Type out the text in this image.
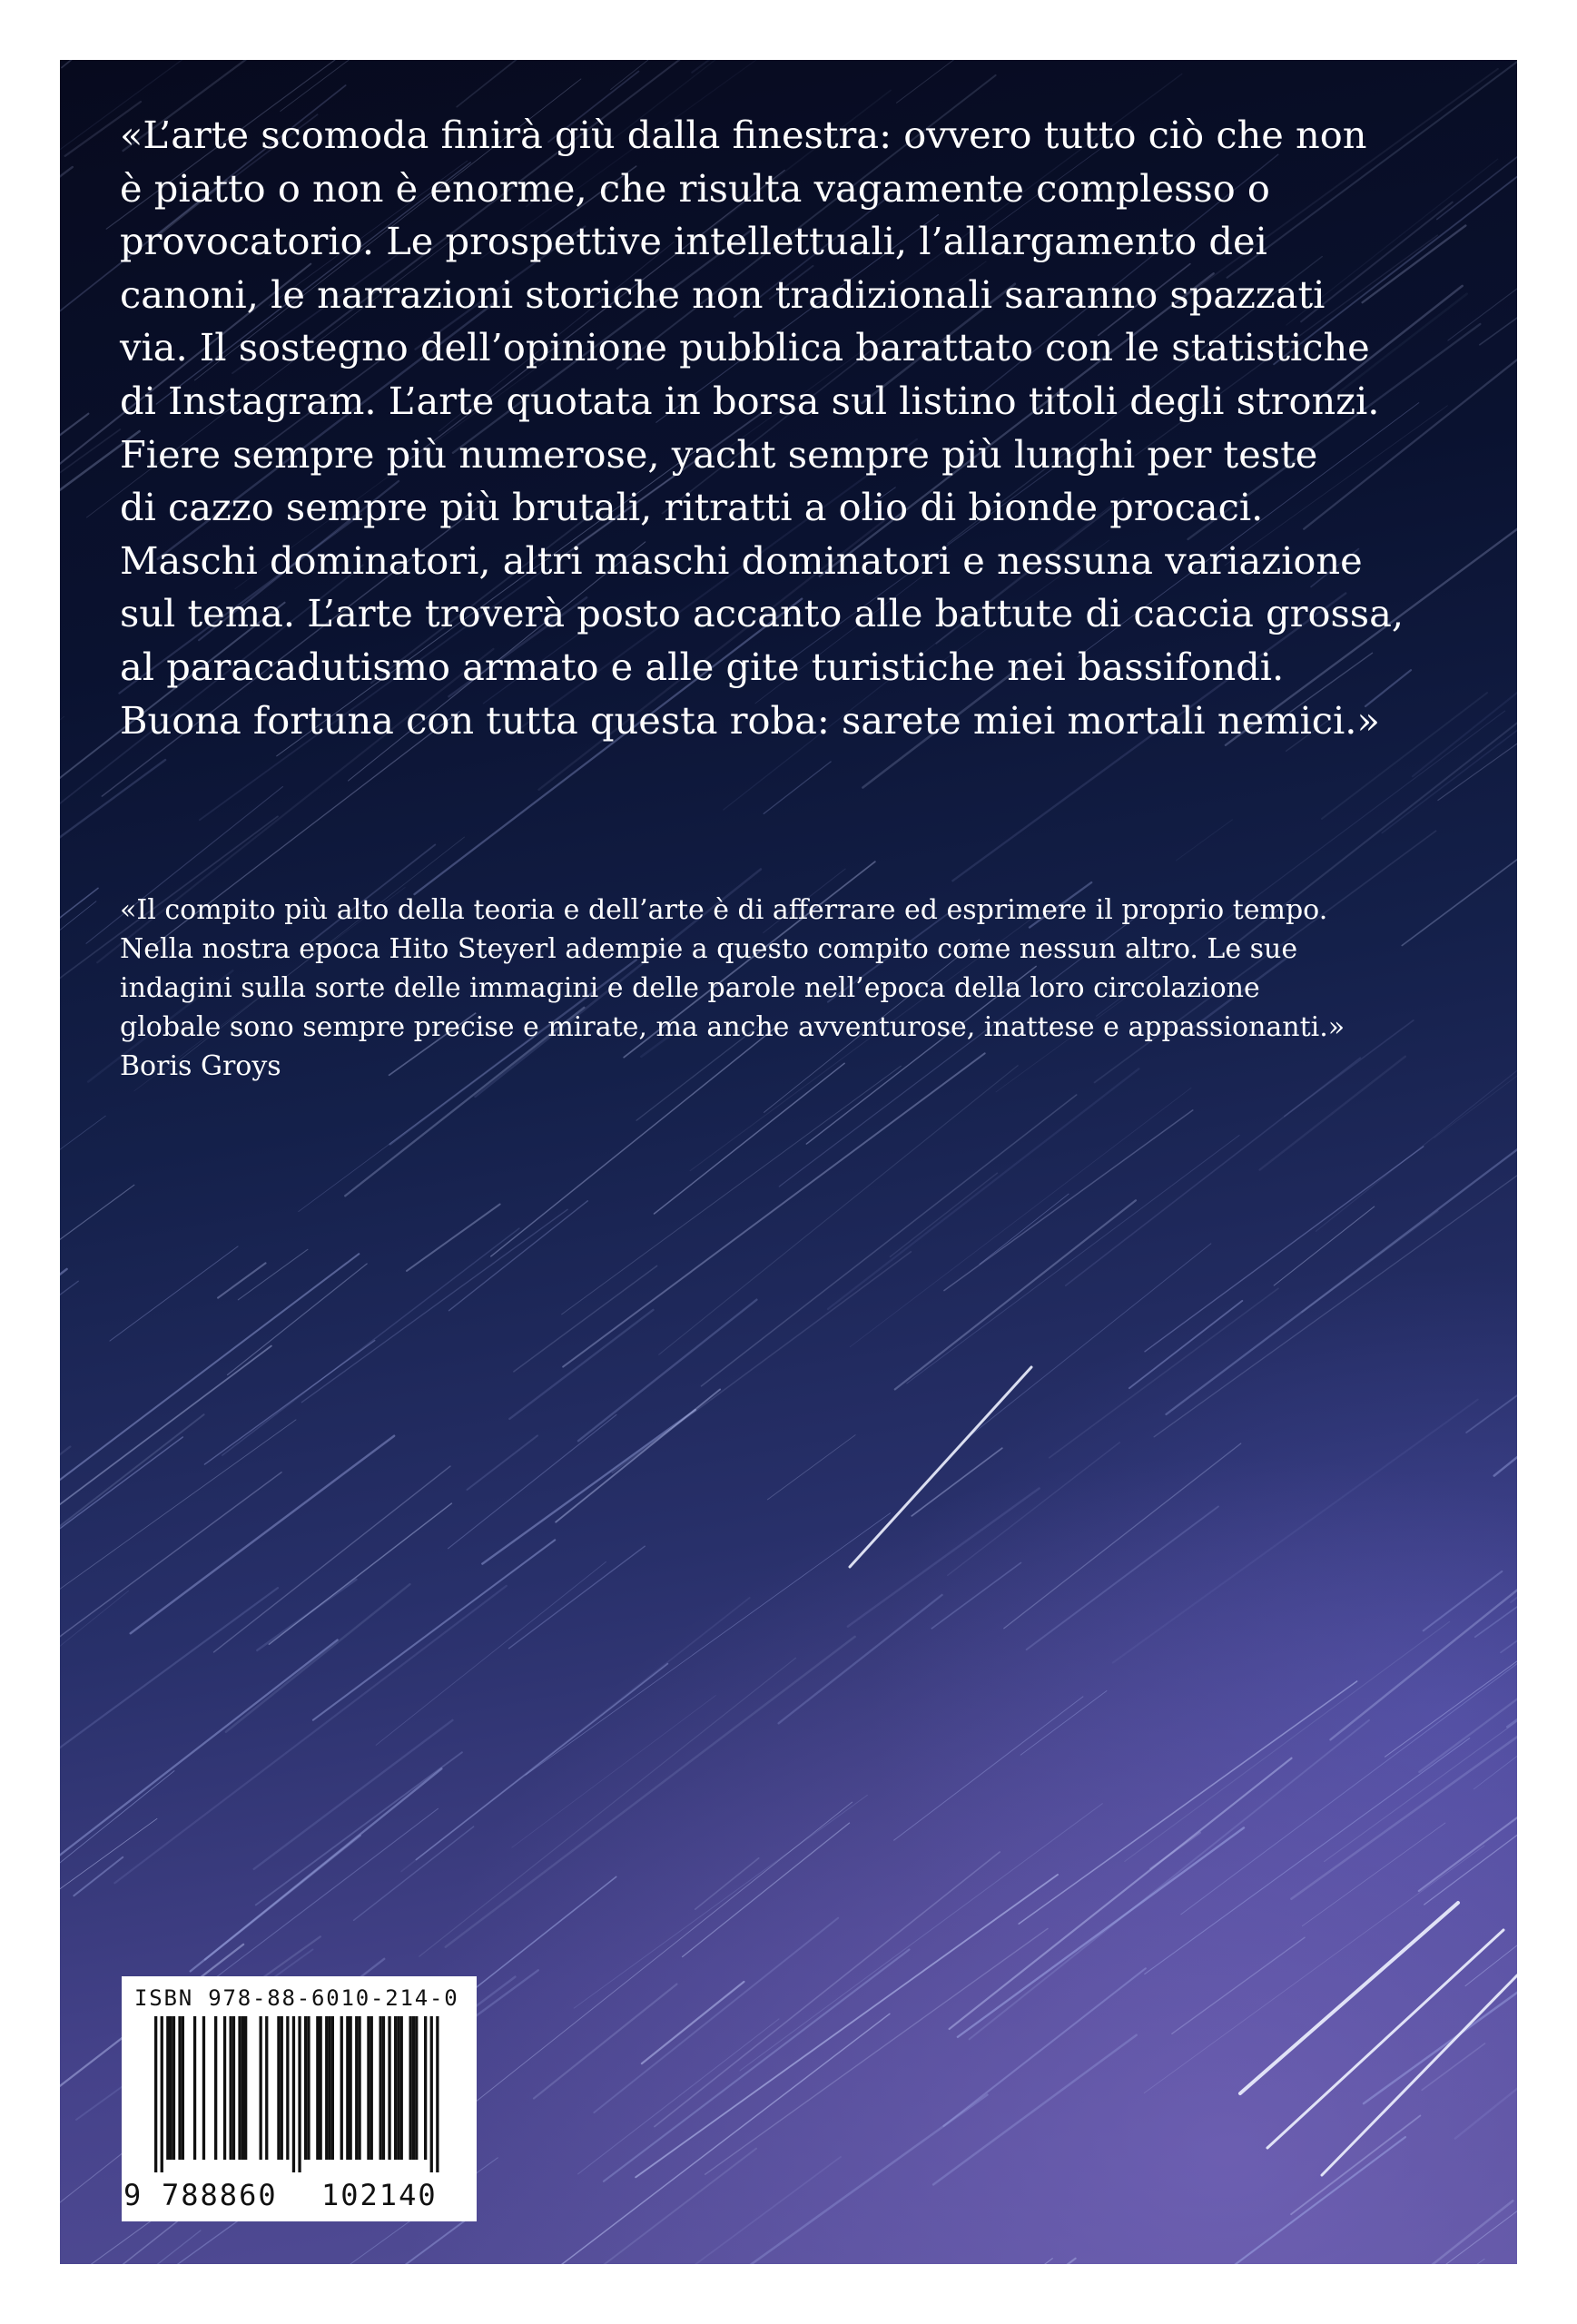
«L’arte scomoda finirà giù dalla finestra: ovvero tutto ciò che non

è piatto o non è enorme, che risulta vagamente complesso o

provocatorio. Le prospettive intellettuali, l’allargamento dei

canoni, le narrazioni storiche non tradizionali saranno spazzati

via. Il sostegno dell’opinione pubblica barattato con le statistiche

di Instagram. L’arte quotata in borsa sul listino titoli degli stronzi.

Fiere sempre più numerose, yacht sempre più lunghi per teste

di cazzo sempre più brutali, ritratti a olio di bionde procaci.

Maschi dominatori, altri maschi dominatori e nessuna variazione

sul tema. L’arte troverà posto accanto alle battute di caccia grossa,

al paracadutismo armato e alle gite turistiche nei bassifondi.

Buona fortuna con tutta questa roba: sarete miei mortali nemici.»

«Il compito più alto della teoria e dell’arte è di afferrare ed esprimere il proprio tempo.

Nella nostra epoca Hito Steyerl adempie a questo compito come nessun altro. Le sue

indagini sulla sorte delle immagini e delle parole nell’epoca della loro circolazione

globale sono sempre precise e mirate, ma anche avventurose, inattese e appassionanti.»

Boris Groys

ISBN 978-88-6010-214-0
9 788860 102140
